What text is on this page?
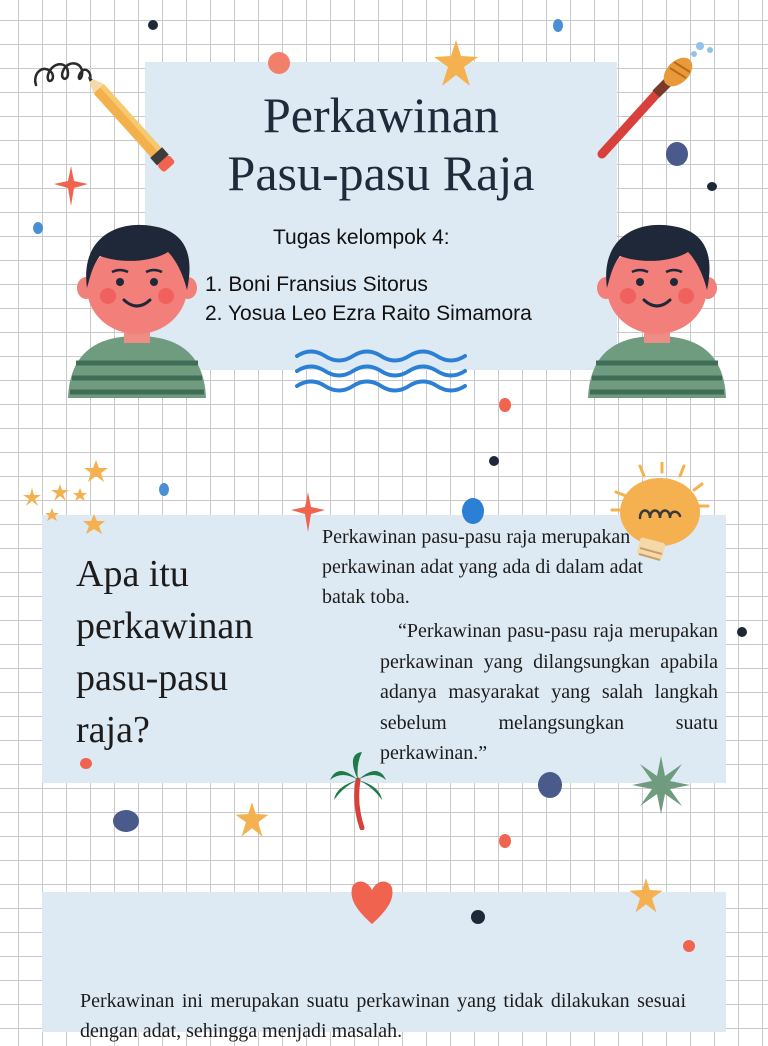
Perkawinan
Pasu-pasu Raja
Tugas kelompok 4:
1. Boni Fransius Sitorus
2. Yosua Leo Ezra Raito Simamora
Apa itu
perkawinan
pasu-pasu
raja?
Perkawinan pasu-pasu raja merupakan perkawinan adat yang ada di dalam adat batak toba.
“Perkawinan pasu-pasu raja merupakan perkawinan yang dilangsungkan apabila adanya masyarakat yang salah langkah sebelum melangsungkan suatu perkawinan.”
Perkawinan ini merupakan suatu perkawinan yang tidak dilakukan sesuai dengan adat, sehingga menjadi masalah.
